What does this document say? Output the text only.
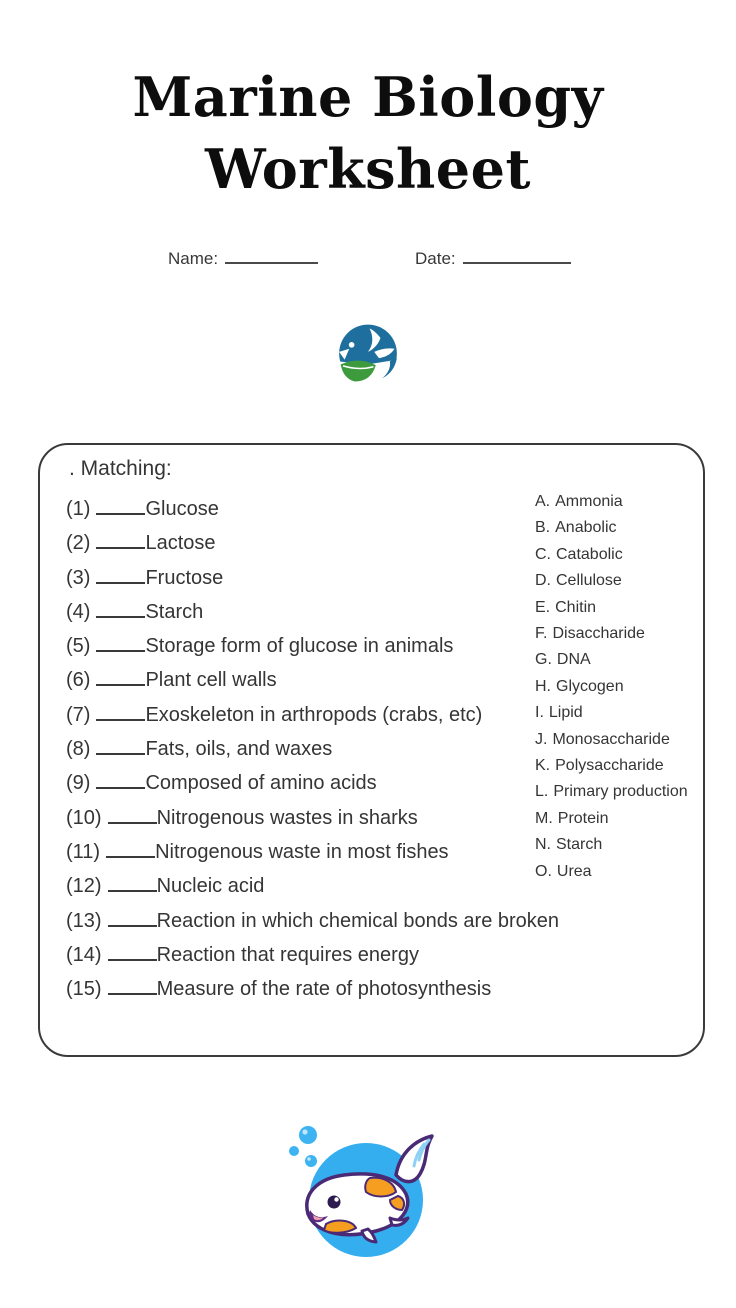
Marine Biology
Worksheet
Name:	Date:
. Matching:
(1)	Glucose
(2)	Lactose
(3)	Fructose
(4)	Starch
(5)	Storage form of glucose in animals
(6)	Plant cell walls
(7)	Exoskeleton in arthropods (crabs, etc)
(8)	Fats, oils, and waxes
(9)	Composed of amino acids
(10)	Nitrogenous wastes in sharks
(11)	Nitrogenous waste in most fishes
(12)	Nucleic acid
(13)	Reaction in which chemical bonds are broken
(14)	Reaction that requires energy
(15)	Measure of the rate of photosynthesis
A. Ammonia
B. Anabolic
C. Catabolic
D. Cellulose
E. Chitin
F. Disaccharide
G. DNA
H. Glycogen
I. Lipid
J. Monosaccharide
K. Polysaccharide
L. Primary production
M. Protein
N. Starch
O. Urea
